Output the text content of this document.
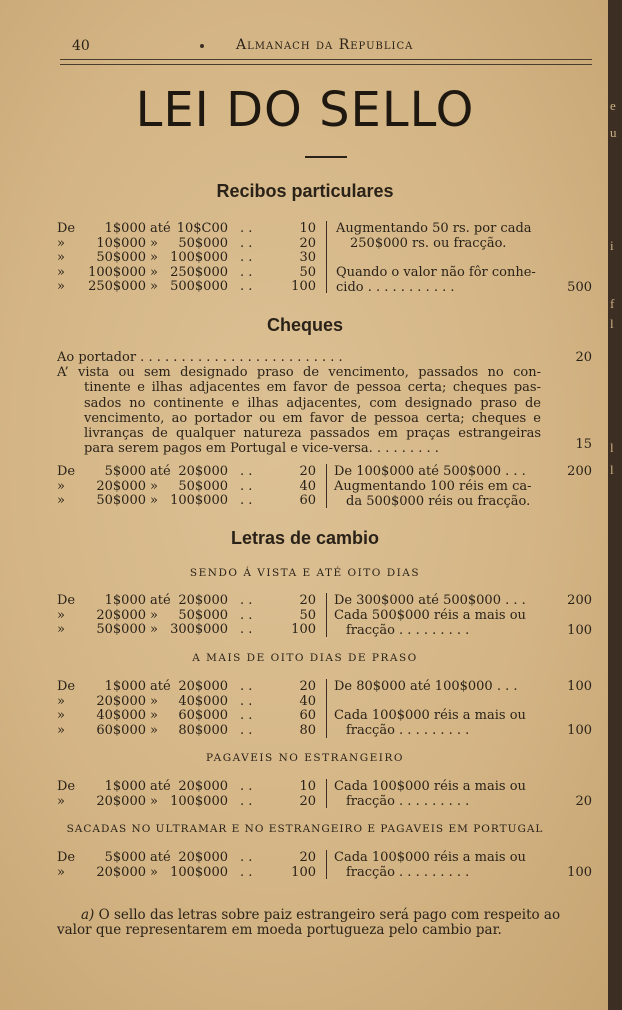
40	Almanach da Republica
LEI DO SELLO
Recibos particulares
De	1$000 até 10$C00 . .	10
»	10$000 »	50$000 . .	20
»	50$000 » 100$000 . .	30
»	100$000 » 250$000 . .	50
»	250$000 » 500$000 . .	100
Augmentando 50 rs. por cada
250$000 rs. ou fracção.
Quando o valor não fôr conhe-
cido . . . . . . . . . . .	500
Cheques
Ao portador . . . . . . . . . . . . . . . . . . . . . . . . .	20
A’ vista ou sem designado praso de vencimento, passados no con-
tinente e ilhas adjacentes em favor de pessoa certa; cheques pas-
sados no continente e ilhas adjacentes, com designado praso de
vencimento, ao portador ou em favor de pessoa certa; cheques e
livranças de qualquer natureza passados em praças estrangeiras
para serem pagos em Portugal e vice-versa. . . . . . . . .	15
De	5$000 até 20$000 . .	20
»	20$000 »	50$000 . .	40
»	50$000 » 100$000 . .	60
De 100$000 até 500$000 . . .	200
Augmentando 100 réis em ca-
da 500$000 réis ou fracção.
Letras de cambio
SENDO Á VISTA E ATÉ OITO DIAS
De	1$000 até 20$000 . .	20
»	20$000 »	50$000 . .	50
»	50$000 » 300$000 . .	100
De 300$000 até 500$000 . . .	200
Cada 500$000 réis a mais ou
fracção . . . . . . . . .	100
A MAIS DE OITO DIAS DE PRASO
De	1$000 até 20$000 . .	20
»	20$000 »	40$000 . .	40
»	40$000 »	60$000 . .	60
»	60$000 »	80$000 . .	80
De 80$000 até 100$000 . . .	100
Cada 100$000 réis a mais ou
fracção . . . . . . . . .	100
PAGAVEIS NO ESTRANGEIRO
De	1$000 até 20$000 . .	10
»	20$000 » 100$000 . .	20
Cada 100$000 réis a mais ou
fracção . . . . . . . . .	20
SACADAS NO ULTRAMAR E NO ESTRANGEIRO E PAGAVEIS EM PORTUGAL
De	5$000 até 20$000 . .	20
»	20$000 » 100$000 . .	100
Cada 100$000 réis a mais ou
fracção . . . . . . . . .	100
a) O sello das letras sobre paiz estrangeiro será pago com respeito ao
valor que representarem em moeda portugueza pelo cambio par.
e
u
i
f
l
l
l
